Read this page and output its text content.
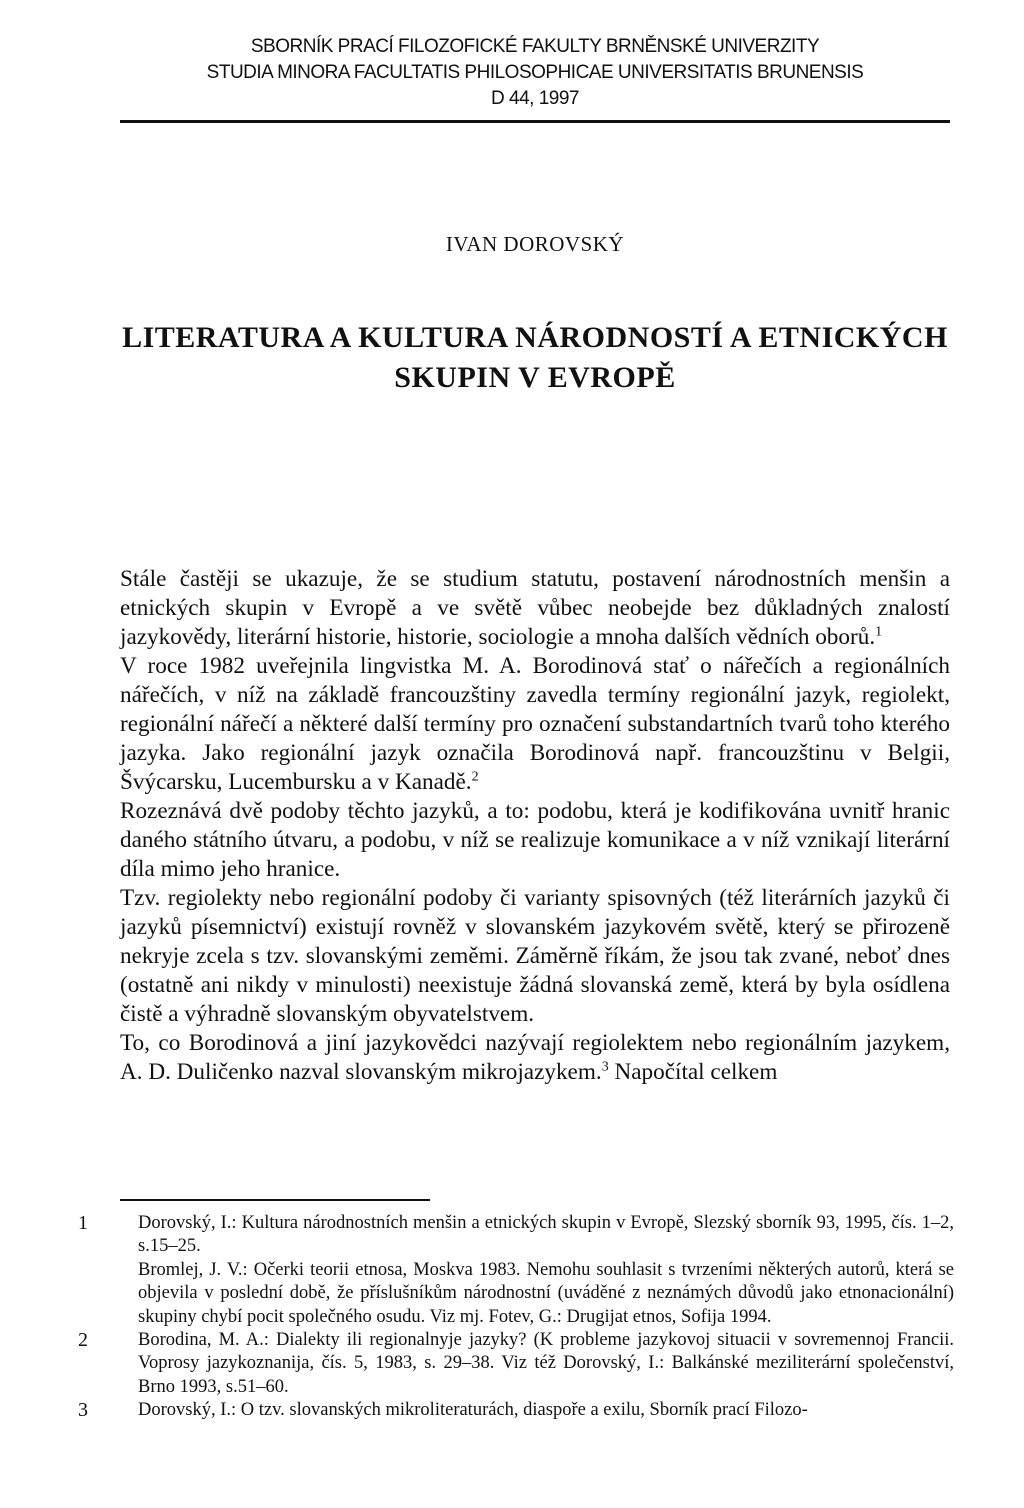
SBORNÍK PRACÍ FILOZOFICKÉ FAKULTY BRNĚNSKÉ UNIVERZITY
STUDIA MINORA FACULTATIS PHILOSOPHICAE UNIVERSITATIS BRUNENSIS
D 44, 1997
IVAN DOROVSKÝ
LITERATURA A KULTURA NÁRODNOSTÍ A ETNICKÝCH
SKUPIN V EVROPĚ

Stále častěji se ukazuje, že se studium statutu, postavení národnostních menšin a etnických skupin v Evropě a ve světě vůbec neobejde bez důkladných znalostí jazykovědy, literární historie, historie, sociologie a mnoha dalších vědních oborů.$^1$

V roce 1982 uveřejnila lingvistka M. A. Borodinová stať o nářečích a regionálních nářečích, v níž na základě francouzštiny zavedla termíny regionální jazyk, regiolekt, regionální nářečí a některé další termíny pro označení substandartních tvarů toho kterého jazyka. Jako regionální jazyk označila Borodinová např. francouzštinu v Belgii, Švýcarsku, Lucembursku a v Kanadě.$^2$

Rozeznává dvě podoby těchto jazyků, a to: podobu, která je kodifikována uvnitř hranic daného státního útvaru, a podobu, v níž se realizuje komunikace a v níž vznikají literární díla mimo jeho hranice.

Tzv. regiolekty nebo regionální podoby či varianty spisovných (též literárních jazyků či jazyků písemnictví) existují rovněž v slovanském jazykovém světě, který se přirozeně nekryje zcela s tzv. slovanskými zeměmi. Záměrně říkám, že jsou tak zvané, neboť dnes (ostatně ani nikdy v minulosti) neexistuje žádná slovanská země, která by byla osídlena čistě a výhradně slovanským obyvatelstvem.

To, co Borodinová a jiní jazykovědci nazývají regiolektem nebo regionálním jazykem, A. D. Duličenko nazval slovanským mikrojazykem.$^3$ Napočítal celkem

1	Dorovský, I.: Kultura národnostních menšin a etnických skupin v Evropě, Slezský sborník 93, 1995, čís. 1–2, s.15–25.

Bromlej, J. V.: Očerki teorii etnosa, Moskva 1983. Nemohu souhlasit s tvrzeními některých autorů, která se objevila v poslední době, že příslušníkům národnostní (uváděné z neznámých důvodů jako etnonacionální) skupiny chybí pocit společného osudu. Viz mj. Fotev, G.: Drugijat etnos, Sofija 1994.

2	Borodina, M. A.: Dialekty ili regionalnyje jazyky? (K probleme jazykovoj situacii v sovremennoj Francii. Voprosy jazykoznanija, čís. 5, 1983, s. 29–38. Viz též Dorovský, I.: Balkánské meziliterární společenství, Brno 1993, s.51–60.

3	Dorovský, I.: O tzv. slovanských mikroliteraturách, diaspoře a exilu, Sborník prací Filozo-
